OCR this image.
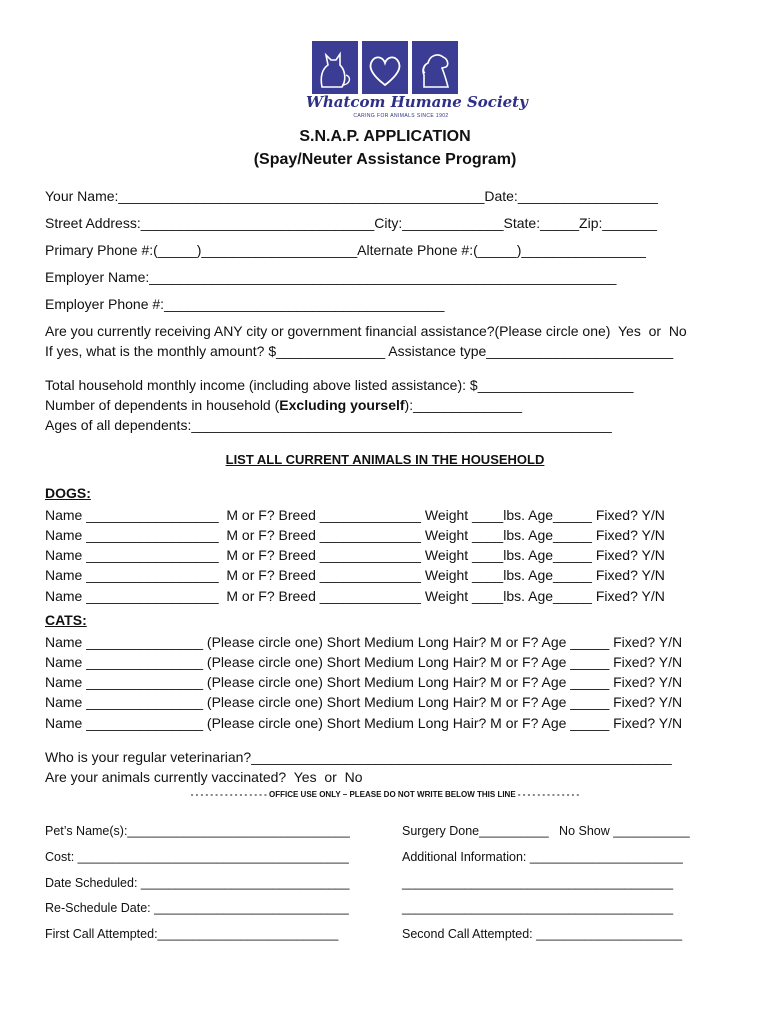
Whatcom Humane Society
CARING FOR ANIMALS SINCE 1902
S.N.A.P. APPLICATION
(Spay/Neuter Assistance Program)
Your Name:_______________________________________________Date:__________________
Street Address:______________________________City:_____________State:_____Zip:_______
Primary Phone #:(_____)____________________Alternate Phone #:(_____)________________
Employer Name:____________________________________________________________
Employer Phone #:____________________________________
Are you currently receiving ANY city or government financial assistance?(Please circle one)  Yes  or  No
If yes, what is the monthly amount? $______________ Assistance type________________________
Total household monthly income (including above listed assistance): $____________________
Number of dependents in household (Excluding yourself):______________
Ages of all dependents:______________________________________________________
LIST ALL CURRENT ANIMALS IN THE HOUSEHOLD
DOGS:
Name _________________  M or F? Breed _____________ Weight ____lbs. Age_____ Fixed? Y/N
Name _________________  M or F? Breed _____________ Weight ____lbs. Age_____ Fixed? Y/N
Name _________________  M or F? Breed _____________ Weight ____lbs. Age_____ Fixed? Y/N
Name _________________  M or F? Breed _____________ Weight ____lbs. Age_____ Fixed? Y/N
Name _________________  M or F? Breed _____________ Weight ____lbs. Age_____ Fixed? Y/N
CATS:
Name _______________ (Please circle one) Short Medium Long Hair? M or F? Age _____ Fixed? Y/N
Name _______________ (Please circle one) Short Medium Long Hair? M or F? Age _____ Fixed? Y/N
Name _______________ (Please circle one) Short Medium Long Hair? M or F? Age _____ Fixed? Y/N
Name _______________ (Please circle one) Short Medium Long Hair? M or F? Age _____ Fixed? Y/N
Name _______________ (Please circle one) Short Medium Long Hair? M or F? Age _____ Fixed? Y/N
Who is your regular veterinarian?______________________________________________________
Are your animals currently vaccinated?  Yes  or  No
- - - - - - - - - - - - - - - - OFFICE USE ONLY – PLEASE DO NOT WRITE BELOW THIS LINE - - - - - - - - - - - - -
Pet’s Name(s):________________________________
Cost: _______________________________________
Date Scheduled: ______________________________
Re-Schedule Date: ____________________________
First Call Attempted:__________________________
Surgery Done__________   No Show ___________
Additional Information: ______________________
_______________________________________
_______________________________________
Second Call Attempted: _____________________
